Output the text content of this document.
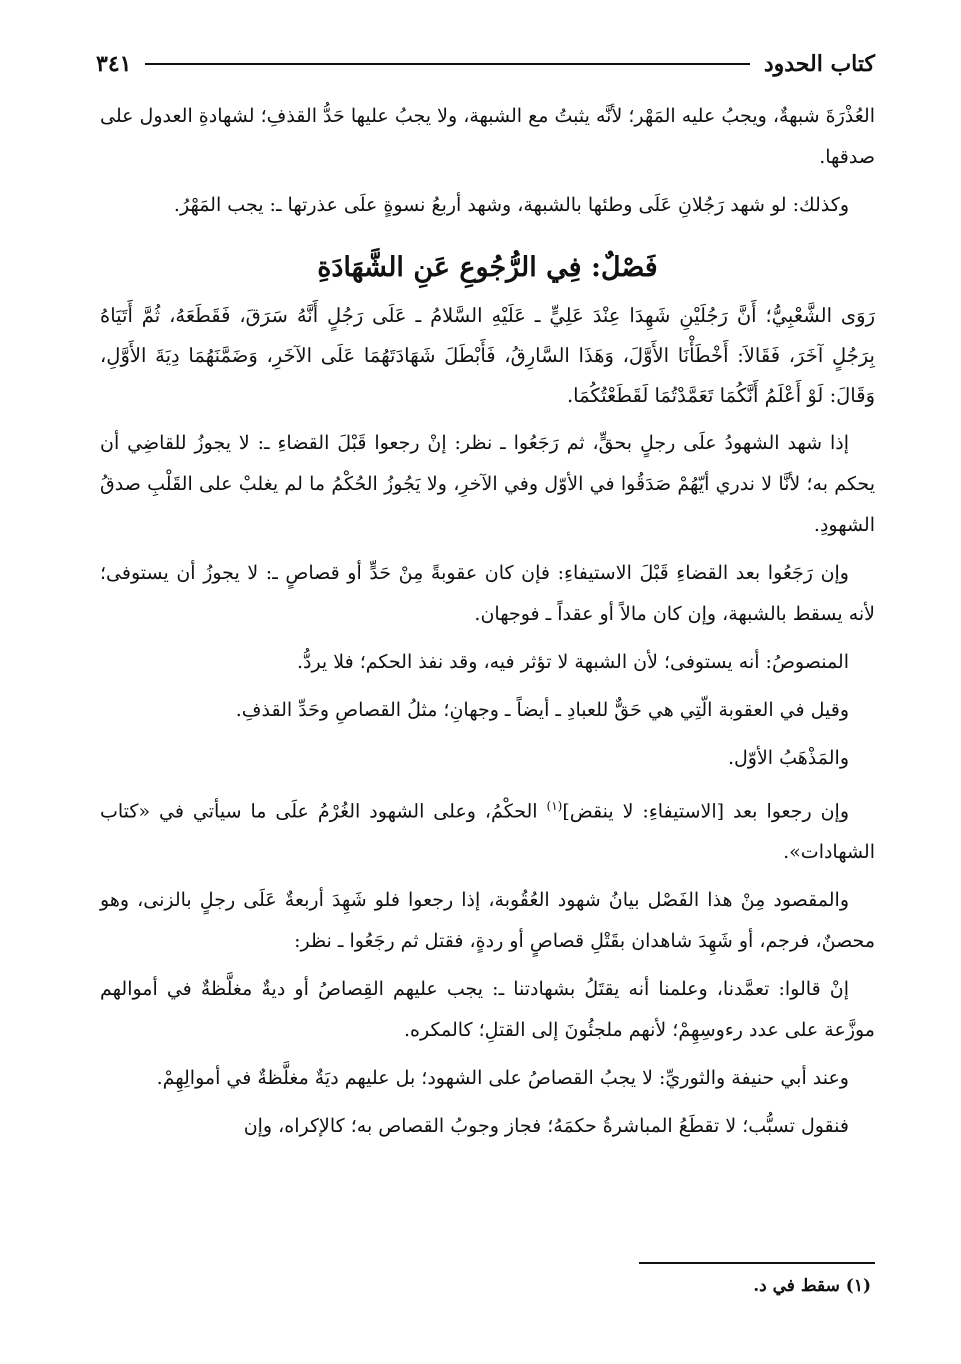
كتاب الحدود
٣٤١

العُذْرَةَ شبهةٌ، ويجبُ عليه المَهْر؛ لأنَّه يثبتُ مع الشبهة، ولا يجبُ عليها حَدُّ القذفِ؛ لشهادةِ العدول على صدقها.

وكذلك: لو شهد رَجُلانِ عَلَى وطئها بالشبهة، وشهد أربعُ نسوةٍ علَى عذرتها ـ: يجب المَهْرُ.

فَصْلٌ: فِي الرُّجُوعِ عَنِ الشَّهَادَةِ

رَوَى الشَّعْبِيُّ؛ أَنَّ رَجُلَيْنِ شَهِدَا عِنْدَ عَلِيٍّ ـ عَلَيْهِ السَّلامُ ـ عَلَى رَجُلٍ أَنَّهُ سَرَقَ، فَقَطَعَهُ، ثُمَّ أَتَيَاهُ بِرَجُلٍ آخَرَ، فَقَالاَ: أَخْطَأْنَا الأَوَّلَ، وَهَذَا السَّارِقُ، فَأَبْطَلَ شَهَادَتَهُمَا عَلَى الآخَرِ، وَضَمَّنَهُمَا دِيَةَ الأَوَّلِ، وَقَالَ: لَوْ أَعْلَمُ أَنَّكُمَا تَعَمَّدْتُمَا لَقَطَعْتُكُمَا.

إذا شهد الشهودُ علَى رجلٍ بحقٍّ، ثم رَجَعُوا ـ نظر: إنْ رجعوا قَبْلَ القضاءِ ـ: لا يجوزُ للقاضِي أن يحكم به؛ لأنَّا لا ندري أيّهُمْ صَدَقُوا في الأوّل وفي الآخرِ، ولا يَجُوزُ الحُكْمُ ما لم يغلبْ على القَلْبِ صدقُ الشهودِ.

وإن رَجَعُوا بعد القضاءِ قَبْلَ الاستيفاءِ: فإن كان عقوبةً مِنْ حَدٍّ أو قصاصٍ ـ: لا يجوزُ أن يستوفى؛ لأنه يسقط بالشبهة، وإن كان مالاً أو عقداً ـ فوجهان.

المنصوصُ: أنه يستوفى؛ لأن الشبهة لا تؤثر فيه، وقد نفذ الحكم؛ فلا يردُّ.

وقيل في العقوبة الّتِي هي حَقٌّ للعبادِ ـ أيضاً ـ وجهانِ؛ مثلُ القصاصِ وحَدِّ القذفِ.

والمَذْهَبُ الأوّل.

وإن رجعوا بعد [الاستيفاءِ: لا ينقض]$^{(١)}$ الحكْمُ، وعلى الشهود الغُرْمُ علَى ما سيأتي في «كتاب الشهادات».

والمقصود مِنْ هذا الفَصْل بيانُ شهود العُقُوبة، إذا رجعوا فلو شَهِدَ أربعةٌ عَلَى رجلٍ بالزنى، وهو محصنٌ، فرجم، أو شَهِدَ شاهدان بقَتْلِ قصاصٍ أو ردةٍ، فقتل ثم رجَعُوا ـ نظر:

إنْ قالوا: تعمَّدنا، وعلمنا أنه يقتَلُ بشهادتنا ـ: يجب عليهم القِصاصُ أو ديةٌ مغلَّظةٌ في أموالهم موزَّعة على عدد رءوسِهِمْ؛ لأنهم ملجئُونَ إلى القتلِ؛ كالمكره.

وعند أبي حنيفة والثوريِّ: لا يجبُ القصاصُ على الشهود؛ بل عليهم ديَةٌ مغلَّظةٌ في أموالِهِمْ.

فنقول تسبُّب؛ لا تقطَعُ المباشرةُ حكمَهُ؛ فجاز وجوبُ القصاص به؛ كالإكراه، وإن

(١) سقط في د.
